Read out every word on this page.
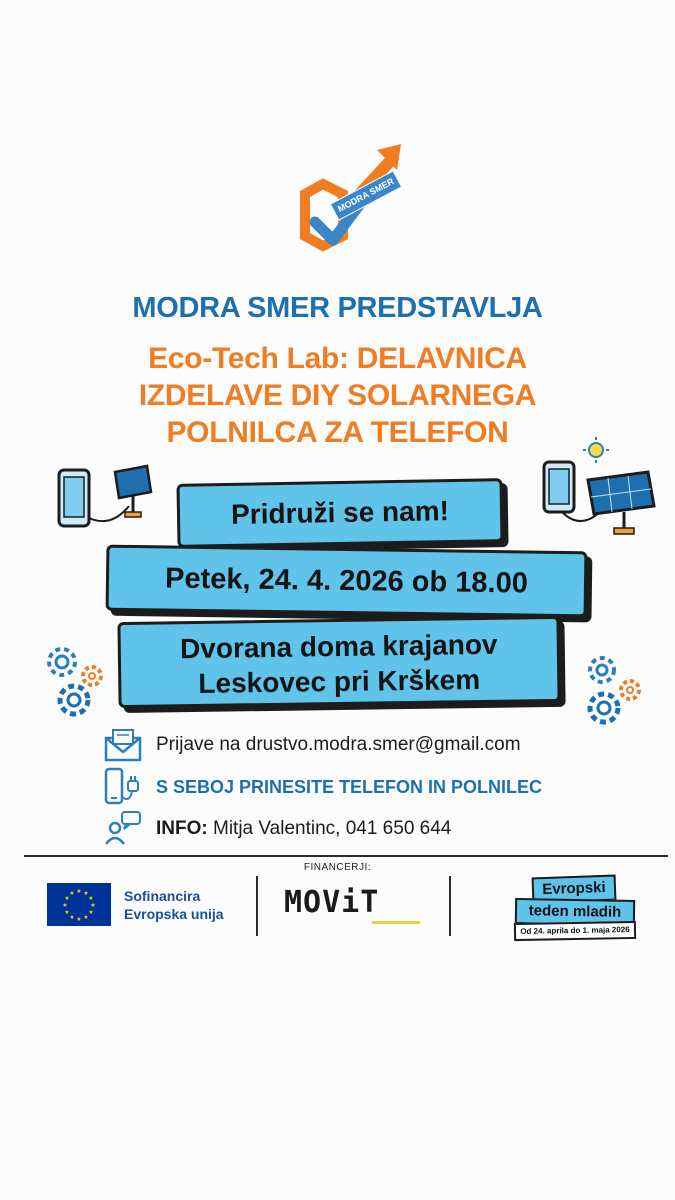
MODRA SMER
MODRA SMER PREDSTAVLJA
Eco-Tech Lab: DELAVNICA
IZDELAVE DIY SOLARNEGA
POLNILCA ZA TELEFON
Pridruži se nam!
Petek, 24. 4. 2026 ob 18.00
Dvorana doma krajanov
Leskovec pri Krškem
Prijave na drustvo.modra.smer@gmail.com
S SEBOJ PRINESITE TELEFON IN POLNILEC
INFO: Mitja Valentinc, 041 650 644
FINANCERJI:
★ ★
★
★
★
★
★
★
★
★
★
★	Sofinancira
Evropska unija MOViT	Evropski
teden mladih
Od 24. aprila do 1. maja 2026
